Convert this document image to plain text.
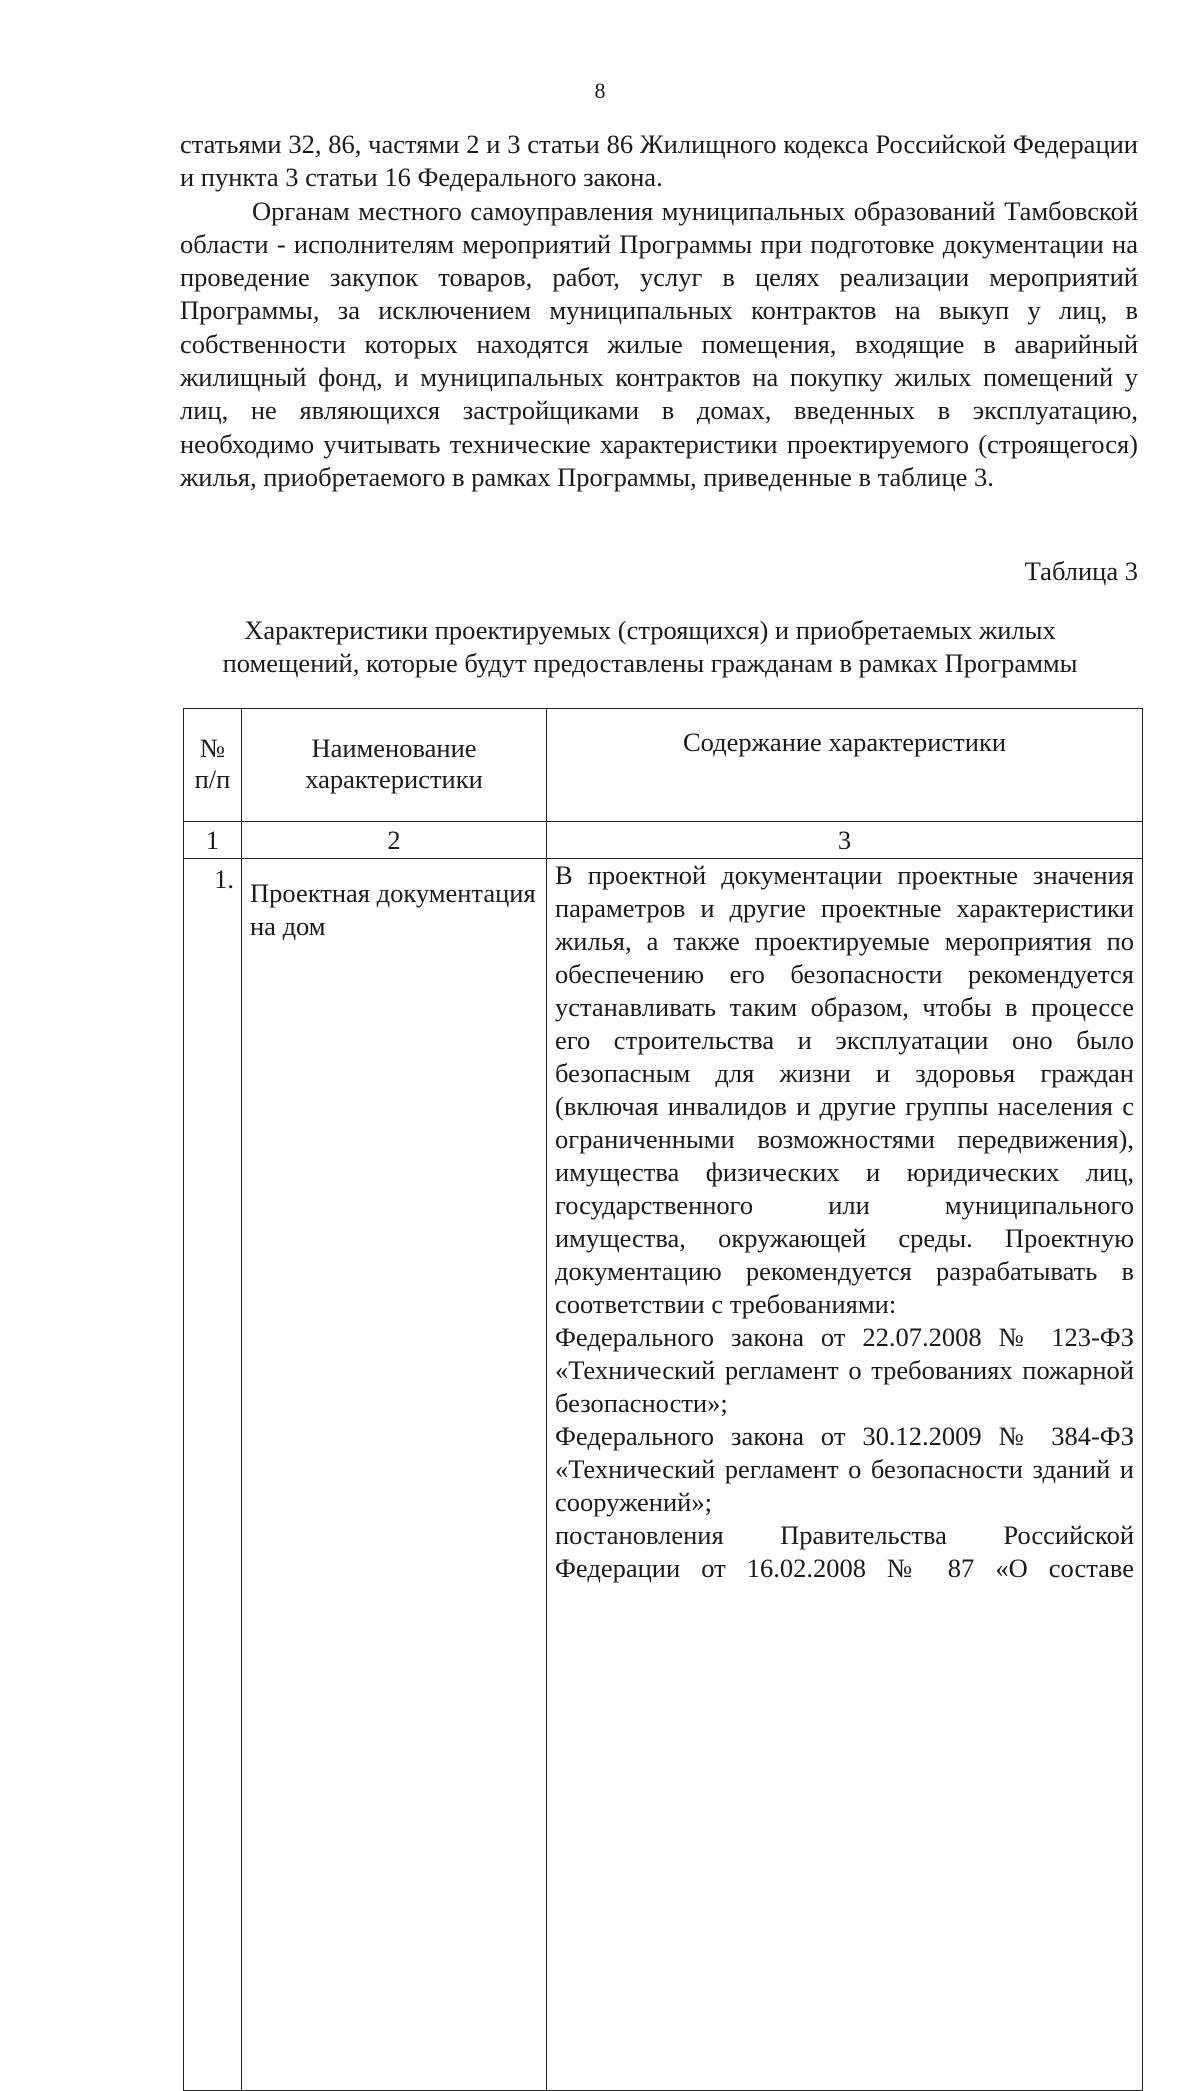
8

статьями 32, 86, частями 2 и 3 статьи 86 Жилищного кодекса Российской Федерации и пункта 3 статьи 16 Федерального закона.

Органам местного самоуправления муниципальных образований Тамбовской области - исполнителям мероприятий Программы при подготовке документации на проведение закупок товаров, работ, услуг в целях реализации мероприятий Программы, за исключением муниципальных контрактов на выкуп у лиц, в собственности которых находятся жилые помещения, входящие в аварийный жилищный фонд, и муниципальных контрактов на покупку жилых помещений у лиц, не являющихся застройщиками в домах, введенных в эксплуатацию, необходимо учитывать технические характеристики проектируемого (строящегося) жилья, приобретаемого в рамках Программы, приведенные в таблице 3.

Таблица 3
Характеристики проектируемых (строящихся) и приобретаемых жилых
помещений, которые будут предоставлены гражданам в рамках Программы
№ п/п	Наименование характеристики	Содержание характеристики
1	2	3
1.	Проектная документация на дом	В проектной документации проектные значения параметров и другие проектные характеристики жилья, а также проектируемые мероприятия по обеспечению его безопасности рекомендуется устанавливать таким образом, чтобы в процессе его строительства и эксплуатации оно было безопасным для жизни и здоровья граждан (включая инвалидов и другие группы населения с ограниченными возможностями передвижения), имущества физических и юридических лиц, государственного или муниципального имущества, окружающей среды. Проектную документацию рекомендуется разрабатывать в соответствии с требованиями:

Федерального закона от 22.07.2008 № 123-ФЗ «Технический регламент о требованиях пожарной безопасности»;

Федерального закона от 30.12.2009 № 384-ФЗ «Технический регламент о безопасности зданий и сооружений»;

постановления Правительства Российской

Федерации от 16.02.2008 № 87 «О составе
